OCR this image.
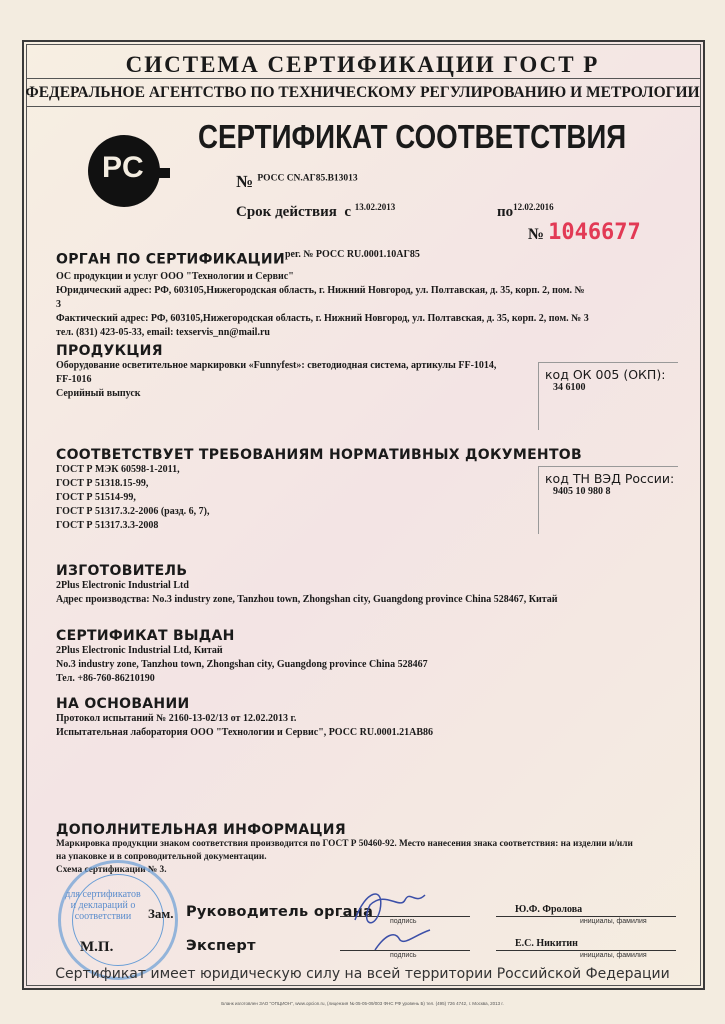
СИСТЕМА СЕРТИФИКАЦИИ ГОСТ Р
ФЕДЕРАЛЬНОЕ АГЕНТСТВО ПО ТЕХНИЧЕСКОМУ РЕГУЛИРОВАНИЮ И МЕТРОЛОГИИ
PC
СЕРТИФИКАТ СООТВЕТСТВИЯ
№ $^{РОСС CN.АГ85.В13013}$
Срок действия с $^{13.02.2013}$	$по^{12.02.2016}$
№ 1046677
ОРГАН ПО $СЕРТИФИКАЦИИ^{рег. № РОСС RU.0001.10АГ85}$
ОС продукции и услуг ООО "Технологии и Сервис"
Юридический адрес: РФ, 603105,Нижегородская область, г. Нижний Новгород, ул. Полтавская, д. 35, корп. 2, пом. №
3
Фактический адрес: РФ, 603105,Нижегородская область, г. Нижний Новгород, ул. Полтавская, д. 35, корп. 2, пом. № 3
тел. (831) 423-05-33, email: texservis_nn@mail.ru
ПРОДУКЦИЯ
Оборудование осветительное маркировки «Funnyfest»: светодиодная система, артикулы FF-1014,
FF-1016
Серийный выпуск
код ОК 005 (ОКП):
34 6100
СООТВЕТСТВУЕТ ТРЕБОВАНИЯМ НОРМАТИВНЫХ ДОКУМЕНТОВ
ГОСТ Р МЭК 60598-1-2011,
ГОСТ Р 51318.15-99,
ГОСТ Р 51514-99,
ГОСТ Р 51317.3.2-2006 (разд. 6, 7),
ГОСТ Р 51317.3.3-2008
код ТН ВЭД России:
9405 10 980 8
ИЗГОТОВИТЕЛЬ
2Plus Electronic Industrial Ltd
Адрес производства: No.3 industry zone, Tanzhou town, Zhongshan city, Guangdong province China 528467, Китай
СЕРТИФИКАТ ВЫДАН
2Plus Electronic Industrial Ltd, Китай
No.3 industry zone, Tanzhou town, Zhongshan city, Guangdong province China 528467
Тел. +86-760-86210190
НА ОСНОВАНИИ
Протокол испытаний № 2160-13-02/13 от 12.02.2013 г.
Испытательная лаборатория ООО "Технологии и Сервис", РОСС RU.0001.21АВ86
ДОПОЛНИТЕЛЬНАЯ ИНФОРМАЦИЯ
Маркировка продукции знаком соответствия производится по ГОСТ Р 50460-92. Место нанесения знака соответствия: на изделии и/или
на упаковке и в сопроводительной документации.
Схема сертификации № 3.
для сертификатов и деклараций о соответствии
М.П.
Зам. Руководитель органа
подпись
Ю.Ф. Фролова
инициалы, фамилия
Эксперт
подпись
Е.С. Никитин
инициалы, фамилия
Сертификат имеет юридическую силу на всей территории Российской Федерации
Бланк изготовлен ЗАО "ОПЦИОН", www.opcion.ru, (лицензия № 05-05-09/003 ФНС РФ уровень Б) тел. (495) 726 4742, г. Москва, 2013 г.
